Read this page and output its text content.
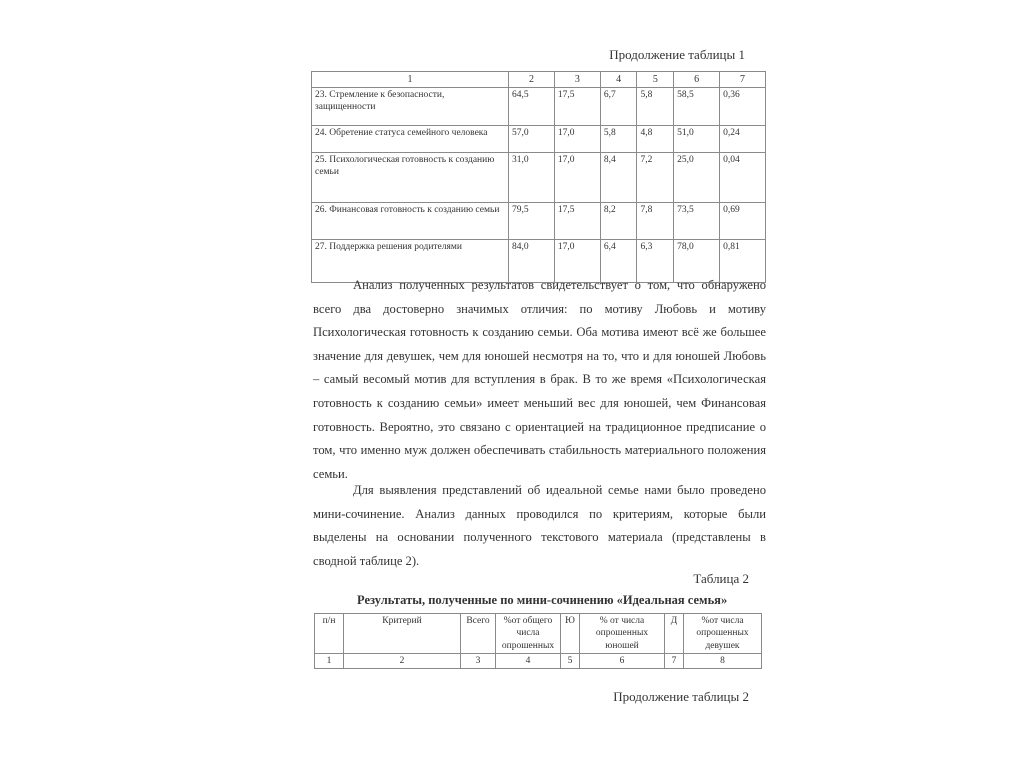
Продолжение таблицы 1
1	2	3	4	5	6	7
23. Стремление к безопасности, защищенности	64,5	17,5	6,7	5,8	58,5	0,36
24. Обретение статуса семейного человека	57,0	17,0	5,8	4,8	51,0	0,24
25. Психологическая готовность к созданию семьи	31,0	17,0	8,4	7,2	25,0	0,04
26. Финансовая готовность к созданию семьи	79,5	17,5	8,2	7,8	73,5	0,69
27. Поддержка решения родителями	84,0	17,0	6,4	6,3	78,0	0,81
Анализ полученных результатов свидетельствует о том, что обнаружено всего два достоверно значимых отличия: по мотиву Любовь и мотиву Психологическая готовность к созданию семьи. Оба мотива имеют всё же большее значение для девушек, чем для юношей несмотря на то, что и для юношей Любовь – самый весомый мотив для вступления в брак. В то же время «Психологическая готовность к созданию семьи» имеет меньший вес для юношей, чем Финансовая готовность. Вероятно, это связано с ориентацией на традиционное предписание о том, что именно муж должен обеспечивать стабильность материального положения семьи.
Для выявления представлений об идеальной семье нами было проведено мини-сочинение. Анализ данных проводился по критериям, которые были выделены на основании полученного текстового материала (представлены в сводной таблице 2).
Таблица 2
Результаты, полученные по мини-сочинению «Идеальная семья»
п/н	Критерий	Всего	%от общего числа опрошенных	Ю	% от числа опрошенных юношей	Д	%от числа опрошенных девушек
1	2	3	4	5	6	7	8
Продолжение таблицы 2
